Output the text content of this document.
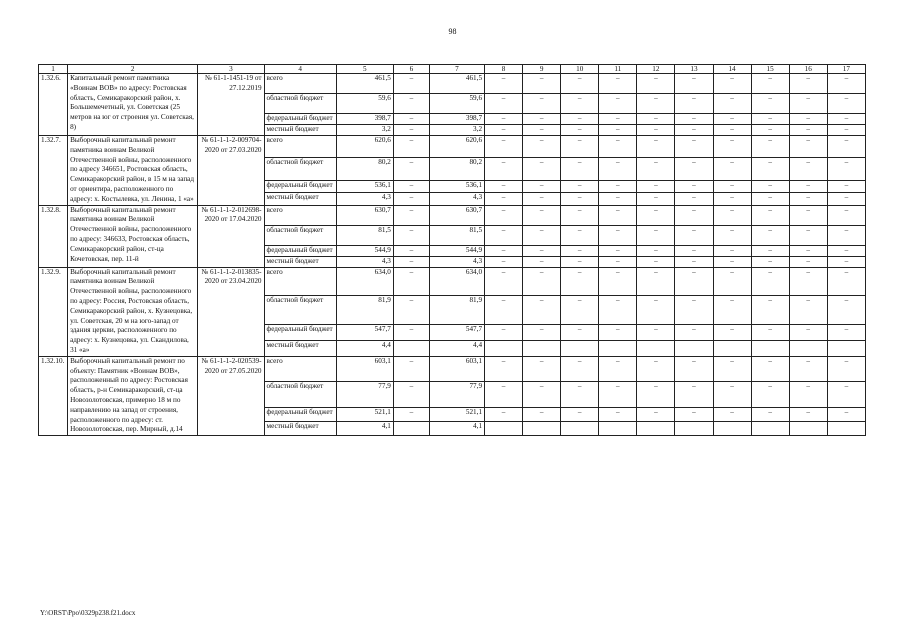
98
1	2	3	4	5	6	7	8	9	10	11	12	13	14	15	16	17
1.32.6.	Капитальный ремонт памятника «Воинам ВОВ» по адресу: Ростовская область, Семикаракорский район, х. Большемечетный, ул. Советская (25 метров на юг от строения ул. Советская, 8)	№ 61-1-1451-19 от 27.12.2019	всего	461,5	–	461,5	–	–	–	–	–	–	–	–	–	–
			областной бюджет	59,6	–	59,6	–	–	–	–	–	–	–	–	–	–
			федеральный бюджет	398,7	–	398,7	–	–	–	–	–	–	–	–	–	–
			местный бюджет	3,2	–	3,2	–	–	–	–	–	–	–	–	–	–
1.32.7.	Выборочный капитальный ремонт памятника воинам Великой Отечественной войны, расположенного по адресу 346651, Ростовская область, Семикаракорский район, в 15 м на запад от ориентира, расположенного по адресу: х. Костылевка, ул. Ленина, 1 «а»	№ 61-1-1-2-009704-2020 от 27.03.2020	всего	620,6	–	620,6	–	–	–	–	–	–	–	–	–	–
			областной бюджет	80,2	–	80,2	–	–	–	–	–	–	–	–	–	–
			федеральный бюджет	536,1	–	536,1	–	–	–	–	–	–	–	–	–	–
			местный бюджет	4,3	–	4,3	–	–	–	–	–	–	–	–	–	–
1.32.8.	Выборочный капитальный ремонт памятника воинам Великой Отечественной войны, расположенного по адресу: 346633, Ростовская область, Семикаракорский район, ст-ца Кочетовская, пер. 11-й	№ 61-1-1-2-012698-2020 от 17.04.2020	всего	630,7	–	630,7	–	–	–	–	–	–	–	–	–	–
			областной бюджет	81,5	–	81,5	–	–	–	–	–	–	–	–	–	–
			федеральный бюджет	544,9	–	544,9	–	–	–	–	–	–	–	–	–	–
			местный бюджет	4,3	–	4,3	–	–	–	–	–	–	–	–	–	–
1.32.9.	Выборочный капитальный ремонт памятника воинам Великой Отечественной войны, расположенного по адресу: Россия, Ростовская область, Семикаракорский район, х. Кузнецовка, ул. Советская, 20 м на юго-запад от здания церкви, расположенного по адресу: х. Кузнецовка, ул. Скандилова, 31 «а»	№ 61-1-1-2-013835-2020 от 23.04.2020	всего	634,0	–	634,0	–	–	–	–	–	–	–	–	–	–
			областной бюджет	81,9	–	81,9	–	–	–	–	–	–	–	–	–	–
			федеральный бюджет	547,7	–	547,7	–	–	–	–	–	–	–	–	–	–
			местный бюджет	4,4		4,4										
1.32.10.	Выборочный капитальный ремонт по объекту: Памятник «Воинам ВОВ», расположенный по адресу: Ростовская область, р-н Семикаракорский, ст-ца Новозолотовская, примерно 18 м по направлению на запад от строения, расположенного по адресу: ст. Новозолотовская, пер. Мирный, д.14	№ 61-1-1-2-020539-2020 от 27.05.2020	всего	603,1	–	603,1	–	–	–	–	–	–	–	–	–	–
			областной бюджет	77,9	–	77,9	–	–	–	–	–	–	–	–	–	–
			федеральный бюджет	521,1	–	521,1	–	–	–	–	–	–	–	–	–	–
			местный бюджет	4,1		4,1										
Y:\ORST\Ppo\0329p238.f21.docx
